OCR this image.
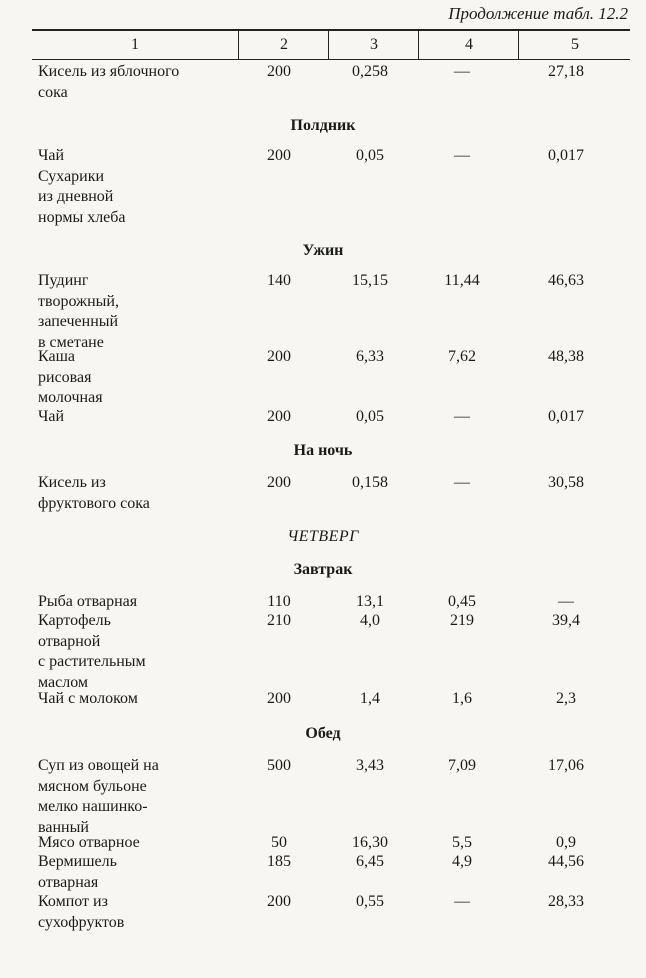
Продолжение табл. 12.2
1	2	3	4	5
Кисель из яблочного
сока
200	0,258	—	27,18
Полдник
Чай
Сухарики
из дневной
нормы хлеба
200	0,05	—	0,017
Ужин
Пудинг
творожный,
запеченный
в сметане
140	15,15	11,44	46,63
Каша
рисовая
молочная
200	6,33	7,62	48,38
Чай	200	0,05	—	0,017
На ночь
Кисель из
фруктового сока
200	0,158	—	30,58
ЧЕТВЕРГ
Завтрак
Рыба отварная	110	13,1	0,45	—
Картофель
отварной
с растительным
маслом
210	4,0	219	39,4
Чай с молоком	200	1,4	1,6	2,3
Обед
Суп из овощей на
мясном бульоне
мелко нашинко-
ванный
500	3,43	7,09	17,06
Мясо отварное	50	16,30	5,5	0,9
Вермишель
отварная
185	6,45	4,9	44,56
Компот из
сухофруктов
200	0,55	—	28,33
